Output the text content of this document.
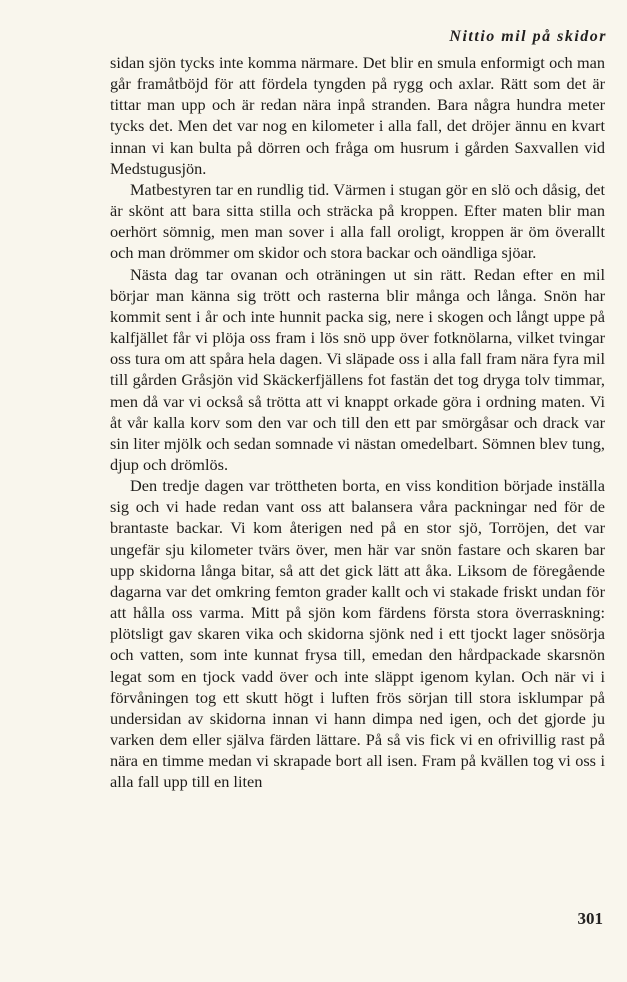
Nittio mil på skidor

sidan sjön tycks inte komma närmare. Det blir en smula enformigt och man går framåtböjd för att fördela tyngden på rygg och axlar. Rätt som det är tittar man upp och är redan nära inpå stranden. Bara några hundra meter tycks det. Men det var nog en kilometer i alla fall, det dröjer ännu en kvart innan vi kan bulta på dörren och fråga om husrum i gården Saxvallen vid Medstugusjön.

Matbestyren tar en rundlig tid. Värmen i stugan gör en slö och dåsig, det är skönt att bara sitta stilla och sträcka på kroppen. Efter maten blir man oerhört sömnig, men man sover i alla fall oroligt, kroppen är öm överallt och man drömmer om skidor och stora backar och oändliga sjöar.

Nästa dag tar ovanan och oträningen ut sin rätt. Redan efter en mil börjar man känna sig trött och rasterna blir många och långa. Snön har kommit sent i år och inte hunnit packa sig, nere i skogen och långt uppe på kalfjället får vi plöja oss fram i lös snö upp över fotknölarna, vilket tvingar oss tura om att spåra hela dagen. Vi släpade oss i alla fall fram nära fyra mil till gården Gråsjön vid Skäckerfjällens fot fastän det tog dryga tolv timmar, men då var vi också så trötta att vi knappt orkade göra i ordning maten. Vi åt vår kalla korv som den var och till den ett par smörgåsar och drack var sin liter mjölk och sedan somnade vi nästan omedelbart. Sömnen blev tung, djup och drömlös.

Den tredje dagen var tröttheten borta, en viss kondition började inställa sig och vi hade redan vant oss att balansera våra packningar ned för de brantaste backar. Vi kom återigen ned på en stor sjö, Torröjen, det var ungefär sju kilometer tvärs över, men här var snön fastare och skaren bar upp skidorna långa bitar, så att det gick lätt att åka. Liksom de föregående dagarna var det omkring femton grader kallt och vi stakade friskt undan för att hålla oss varma. Mitt på sjön kom färdens första stora överraskning: plötsligt gav skaren vika och skidorna sjönk ned i ett tjockt lager snösörja och vatten, som inte kunnat frysa till, emedan den hårdpackade skarsnön legat som en tjock vadd över och inte släppt igenom kylan. Och när vi i förvåningen tog ett skutt högt i luften frös sörjan till stora isklumpar på undersidan av skidorna innan vi hann dimpa ned igen, och det gjorde ju varken dem eller själva färden lättare. På så vis fick vi en ofrivillig rast på nära en timme medan vi skrapade bort all isen. Fram på kvällen tog vi oss i alla fall upp till en liten

301
